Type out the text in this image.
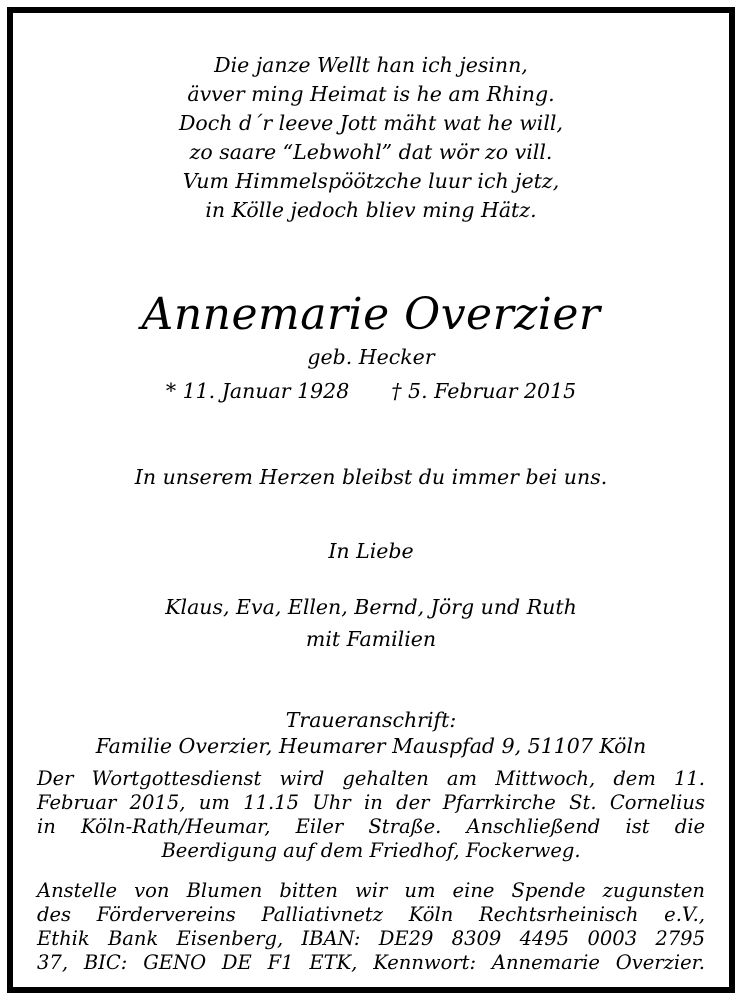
Die janze Wellt han ich jesinn,
ävver ming Heimat is he am Rhing.
Doch d´r leeve Jott mäht wat he will,
zo saare “Lebwohl” dat wör zo vill.
Vum Himmelspöötzche luur ich jetz,
in Kölle jedoch bliev ming Hätz.
Annemarie Overzier
geb. Hecker
* 11. Januar 1928 † 5. Februar 2015
In unserem Herzen bleibst du immer bei uns.
In Liebe
Klaus, Eva, Ellen, Bernd, Jörg und Ruth
mit Familien
Traueranschrift:
Familie Overzier, Heumarer Mauspfad 9, 51107 Köln
Der Wortgottesdienst wird gehalten am Mittwoch, dem 11.
Februar 2015, um 11.15 Uhr in der Pfarrkirche St. Cornelius
in Köln-Rath/Heumar, Eiler Straße. Anschließend ist die
Beerdigung auf dem Friedhof, Fockerweg.
Anstelle von Blumen bitten wir um eine Spende zugunsten
des Fördervereins Palliativnetz Köln Rechtsrheinisch e.V.,
Ethik Bank Eisenberg, IBAN: DE29 8309 4495 0003 2795
37, BIC: GENO DE F1 ETK, Kennwort: Annemarie Overzier.
